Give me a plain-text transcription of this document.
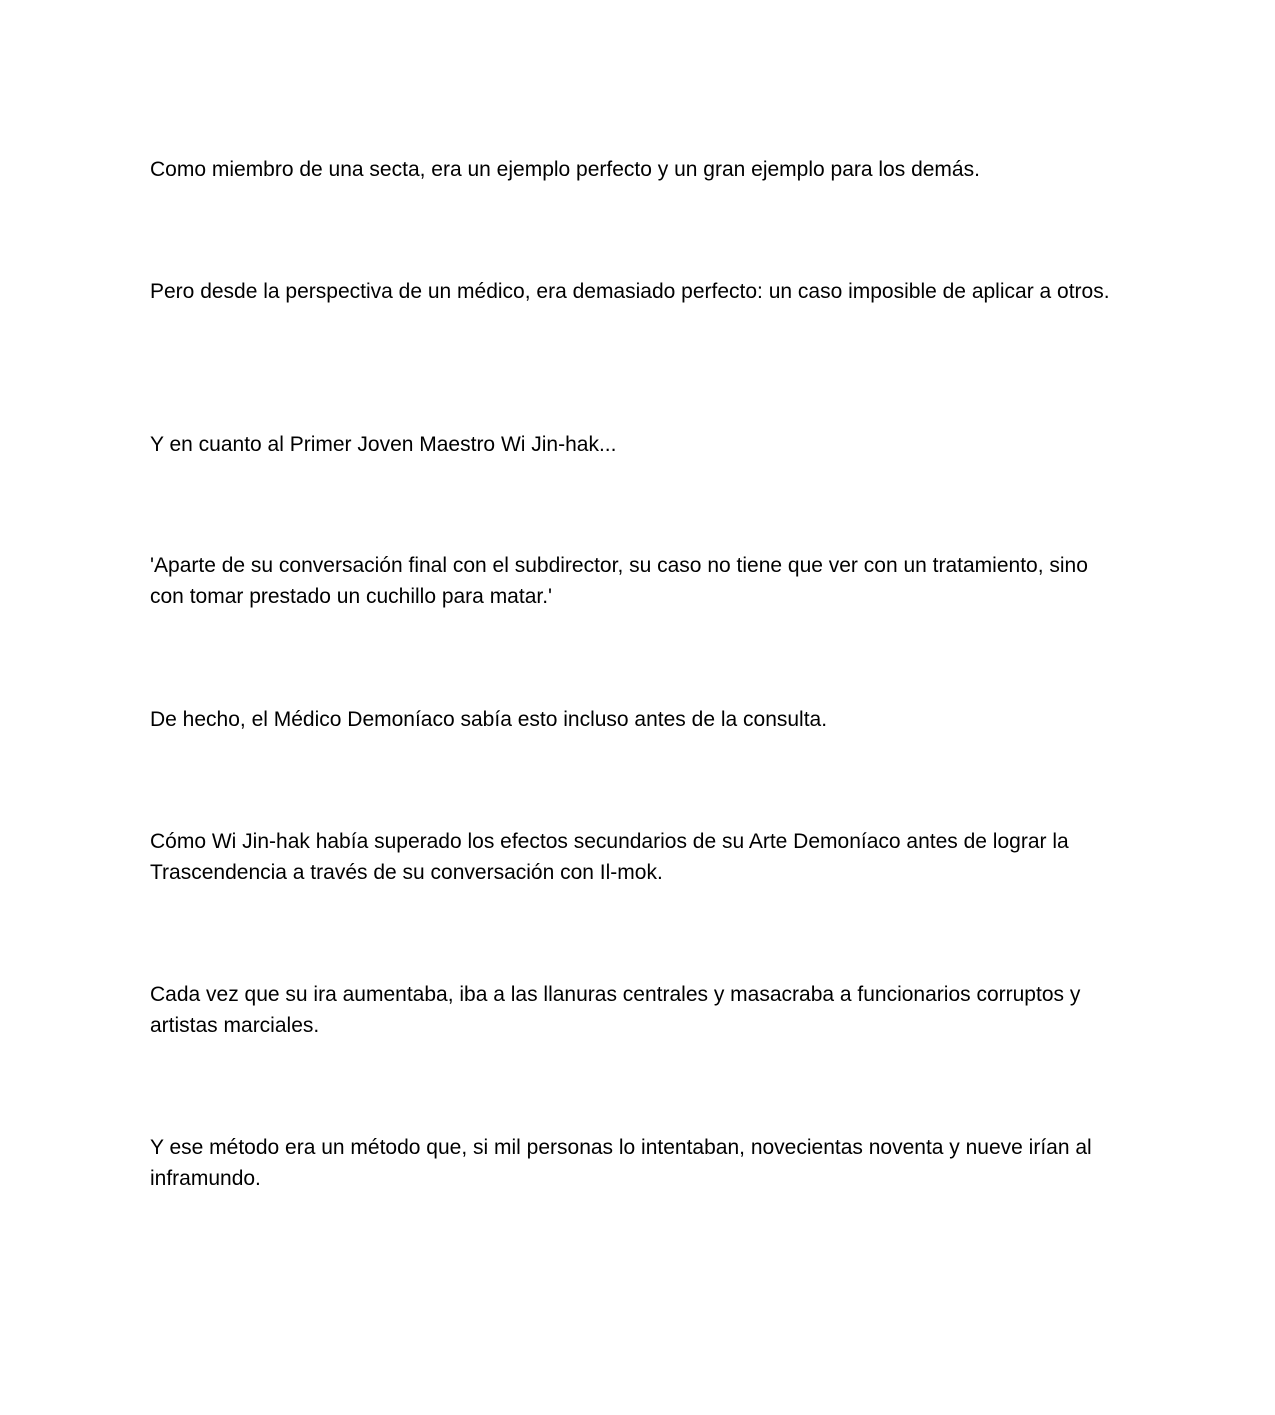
Como miembro de una secta, era un ejemplo perfecto y un gran ejemplo para los demás.

Pero desde la perspectiva de un médico, era demasiado perfecto: un caso imposible de aplicar a otros.

Y en cuanto al Primer Joven Maestro Wi Jin-hak...

'Aparte de su conversación final con el subdirector, su caso no tiene que ver con un tratamiento, sino con tomar prestado un cuchillo para matar.'

De hecho, el Médico Demoníaco sabía esto incluso antes de la consulta.

Cómo Wi Jin-hak había superado los efectos secundarios de su Arte Demoníaco antes de lograr la Trascendencia a través de su conversación con Il-mok.

Cada vez que su ira aumentaba, iba a las llanuras centrales y masacraba a funcionarios corruptos y artistas marciales.

Y ese método era un método que, si mil personas lo intentaban, novecientas noventa y nueve irían al inframundo.
